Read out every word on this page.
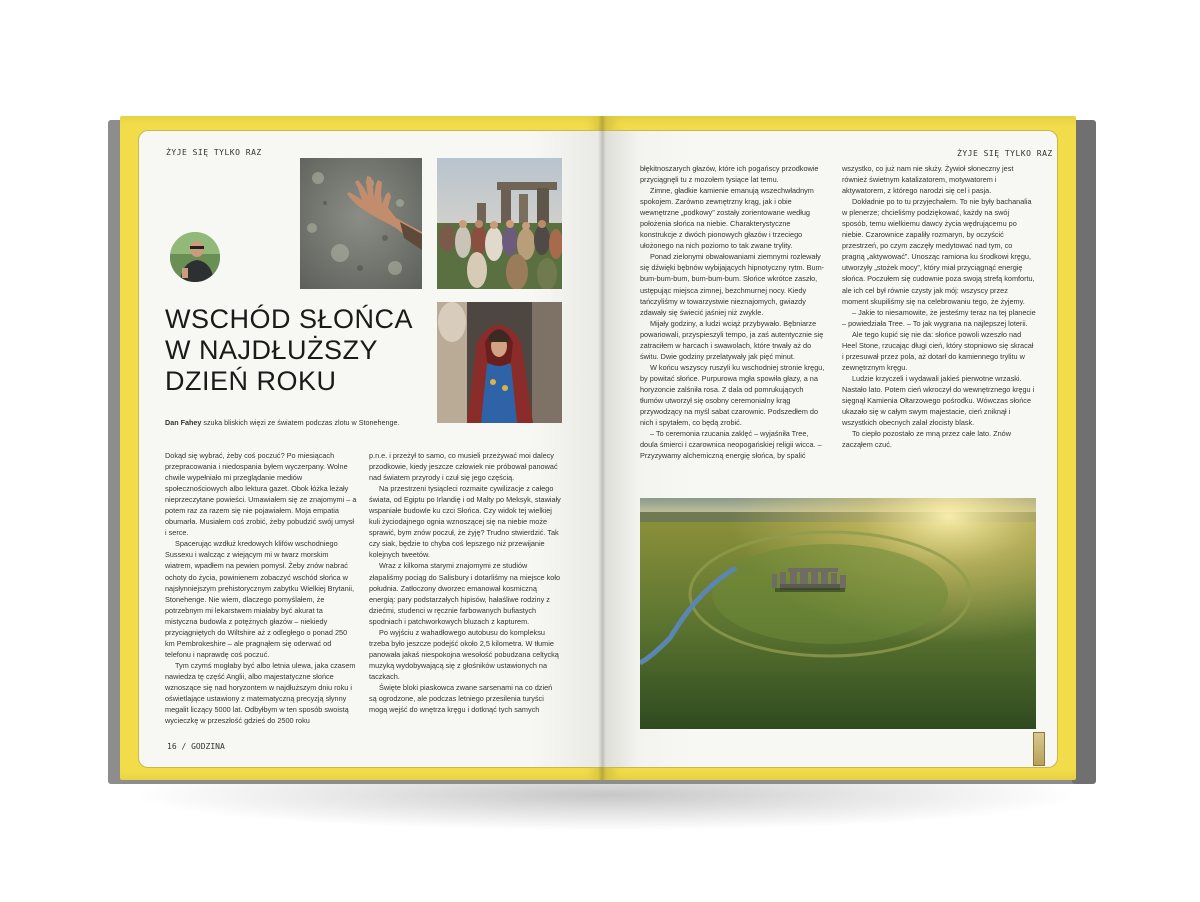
ŻYJE SIĘ TYLKO RAZ	ŻYJE SIĘ TYLKO RAZ
WSCHÓD SŁOŃCA
W NAJDŁUŻSZY
DZIEŃ ROKU
Dan Fahey szuka bliskich więzi ze światem podczas zlotu w Stonehenge.

Dokąd się wybrać, żeby coś poczuć? Po miesiącach przepracowania i niedospania byłem wyczerpany. Wolne chwile wypełniało mi przeglądanie mediów społecznościowych albo lektura gazet. Obok łóżka leżały nieprzeczytane powieści. Umawiałem się ze znajomymi – a potem raz za razem się nie pojawiałem. Moja empatia obumarła. Musiałem coś zrobić, żeby pobudzić swój umysł i serce.

Spacerując wzdłuż kredowych klifów wschodniego Sussexu i walcząc z wiejącym mi w twarz morskim wiatrem, wpadłem na pewien pomysł. Żeby znów nabrać ochoty do życia, powinienem zobaczyć wschód słońca w najsłynniejszym prehistorycznym zabytku Wielkiej Brytanii, Stonehenge. Nie wiem, dlaczego pomyślałem, że potrzebnym mi lekarstwem miałaby być akurat ta mistyczna budowla z potężnych głazów – niekiedy przyciągniętych do Wiltshire aż z odległego o ponad 250 km Pembrokeshire – ale pragnąłem się oderwać od telefonu i naprawdę coś poczuć.

Tym czymś mogłaby być albo letnia ulewa, jaka czasem nawiedza tę część Anglii, albo majestatyczne słońce wznoszące się nad horyzontem w najdłuższym dniu roku i oświetlające ustawiony z matematyczną precyzją słynny megalit liczący 5000 lat. Odbyłbym w ten sposób swoistą wycieczkę w przeszłość gdzieś do 2500 roku

p.n.e. i przeżył to samo, co musieli przeżywać moi dalecy przodkowie, kiedy jeszcze człowiek nie próbował panować nad światem przyrody i czuł się jego częścią.

Na przestrzeni tysiącleci rozmaite cywilizacje z całego świata, od Egiptu po Irlandię i od Malty po Meksyk, stawiały wspaniałe budowle ku czci Słońca. Czy widok tej wielkiej kuli życiodajnego ognia wznoszącej się na niebie może sprawić, bym znów poczuł, że żyję? Trudno stwierdzić. Tak czy siak, będzie to chyba coś lepszego niż przewijanie kolejnych tweetów.

Wraz z kilkoma starymi znajomymi ze studiów złapaliśmy pociąg do Salisbury i dotarliśmy na miejsce koło południa. Zatłoczony dworzec emanował kosmiczną energią: pary podstarzałych hipisów, hałaśliwe rodziny z dziećmi, studenci w ręcznie farbowanych bufiastych spodniach i patchworkowych bluzach z kapturem.

Po wyjściu z wahadłowego autobusu do kompleksu trzeba było jeszcze podejść około 2,5 kilometra. W tłumie panowała jakaś niespokojna wesołość pobudzana celtycką muzyką wydobywającą się z głośników ustawionych na taczkach.

Święte bloki piaskowca zwane sarsenami na co dzień są ogrodzone, ale podczas letniego przesilenia turyści mogą wejść do wnętrza kręgu i dotknąć tych samych

błękitnoszarych głazów, które ich pogańscy przodkowie przyciągnęli tu z mozołem tysiące lat temu.

Zimne, gładkie kamienie emanują wszechwładnym spokojem. Zarówno zewnętrzny krąg, jak i obie wewnętrzne „podkowy” zostały zorientowane według położenia słońca na niebie. Charakterystyczne konstrukcje z dwóch pionowych głazów i trzeciego ułożonego na nich poziomo to tak zwane trylity.

Ponad zielonymi obwałowaniami ziemnymi rozlewały się dźwięki bębnów wybijających hipnotyczny rytm. Bum-bum-bum-bum, bum-bum-bum. Słońce wkrótce zaszło, ustępując miejsca zimnej, bezchmurnej nocy. Kiedy tańczyliśmy w towarzystwie nieznajomych, gwiazdy zdawały się świecić jaśniej niż zwykle.

Mijały godziny, a ludzi wciąż przybywało. Bębniarze powariowali, przyspieszyli tempo, ja zaś autentycznie się zatraciłem w harcach i swawolach, które trwały aż do świtu. Dwie godziny przelatywały jak pięć minut.

W końcu wszyscy ruszyli ku wschodniej stronie kręgu, by powitać słońce. Purpurowa mgła spowiła głazy, a na horyzoncie zalśniła rosa. Z dala od pomrukujących tłumów utworzył się osobny ceremonialny krąg przywodzący na myśl sabat czarownic. Podszedłem do nich i spytałem, co będą zrobić.

– To ceremonia rzucania zaklęć – wyjaśniła Tree, doula śmierci i czarownica neopogańskiej religii wicca. – Przyzywamy alchemiczną energię słońca, by spalić

wszystko, co już nam nie służy. Żywioł słoneczny jest również świetnym katalizatorem, motywatorem i aktywatorem, z którego narodzi się cel i pasja.

Dokładnie po to tu przyjechałem. To nie były bachanalia w plenerze; chcieliśmy podziękować, każdy na swój sposób, temu wielkiemu dawcy życia wędrującemu po niebie. Czarownice zapaliły rozmaryn, by oczyścić przestrzeń, po czym zaczęły medytować nad tym, co pragną „aktywować”. Unosząc ramiona ku środkowi kręgu, utworzyły „stożek mocy”, który miał przyciągnąć energię słońca. Poczułem się cudownie poza swoją strefą komfortu, ale ich cel był równie czysty jak mój: wszyscy przez moment skupiliśmy się na celebrowaniu tego, że żyjemy.

– Jakie to niesamowite, że jesteśmy teraz na tej planecie – powiedziała Tree. – To jak wygrana na najlepszej loterii.

Ale tego kupić się nie da: słońce powoli wzeszło nad Heel Stone, rzucając długi cień, który stopniowo się skracał i przesuwał przez pola, aż dotarł do kamiennego trylitu w zewnętrznym kręgu.

Ludzie krzyczeli i wydawali jakieś pierwotne wrzaski. Nastało lato. Potem cień wkroczył do wewnętrznego kręgu i sięgnął Kamienia Ołtarzowego pośrodku. Wówczas słońce ukazało się w całym swym majestacie, cień zniknął i wszystkich obecnych zalał złocisty blask.

To ciepło pozostało ze mną przez całe lato. Znów zacząłem czuć.

16 / GODZINA
